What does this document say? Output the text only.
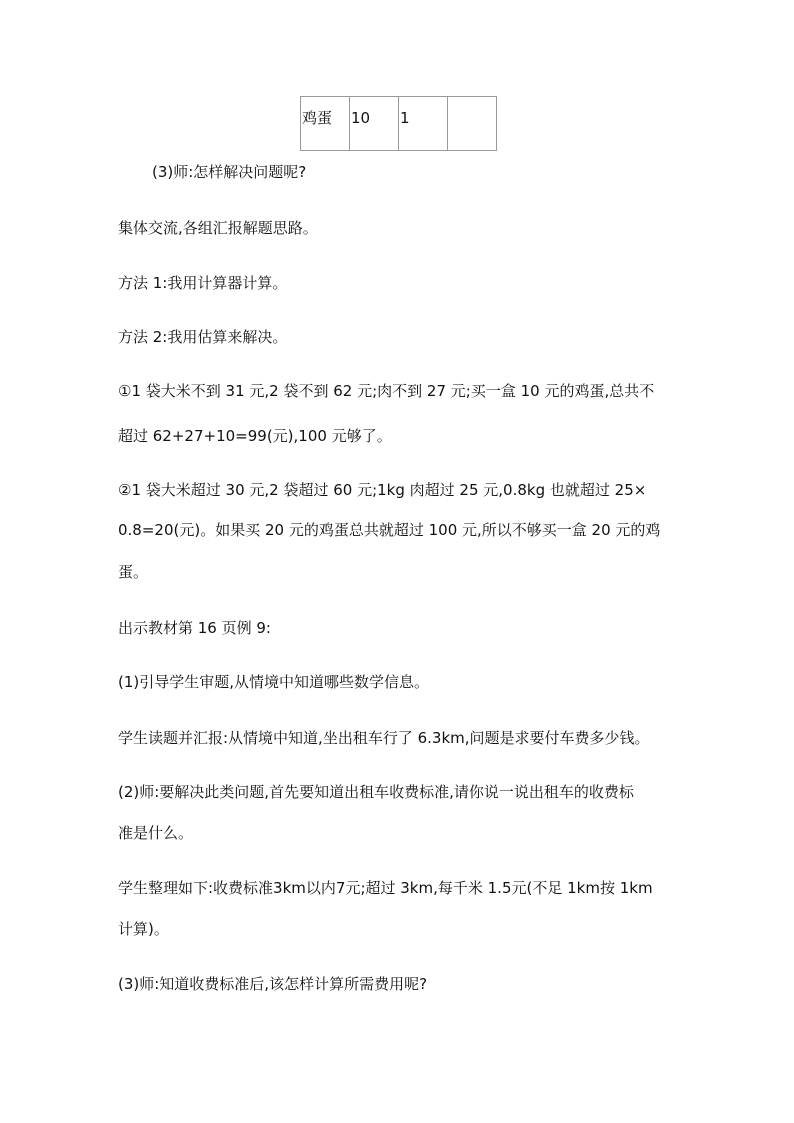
鸡蛋	10	1

(3)师:怎样解决问题呢?
集体交流,各组汇报解题思路。
方法 1:我用计算器计算。
方法 2:我用估算来解决。
①1 袋大米不到 31 元,2 袋不到 62 元;肉不到 27 元;买一盒 10 元的鸡蛋,总共不
超过 62+27+10=99(元),100 元够了。
②1 袋大米超过 30 元,2 袋超过 60 元;1kg 肉超过 25 元,0.8kg 也就超过 25×
0.8=20(元)。如果买 20 元的鸡蛋总共就超过 100 元,所以不够买一盒 20 元的鸡
蛋。
出示教材第 16 页例 9:
(1)引导学生审题,从情境中知道哪些数学信息。
学生读题并汇报:从情境中知道,坐出租车行了 6.3km,问题是求要付车费多少钱。
(2)师:要解决此类问题,首先要知道出租车收费标准,请你说一说出租车的收费标
准是什么。
学生整理如下:收费标准3km以内7元;超过 3km,每千米 1.5元(不足 1km按 1km
计算)。
(3)师:知道收费标准后,该怎样计算所需费用呢?
